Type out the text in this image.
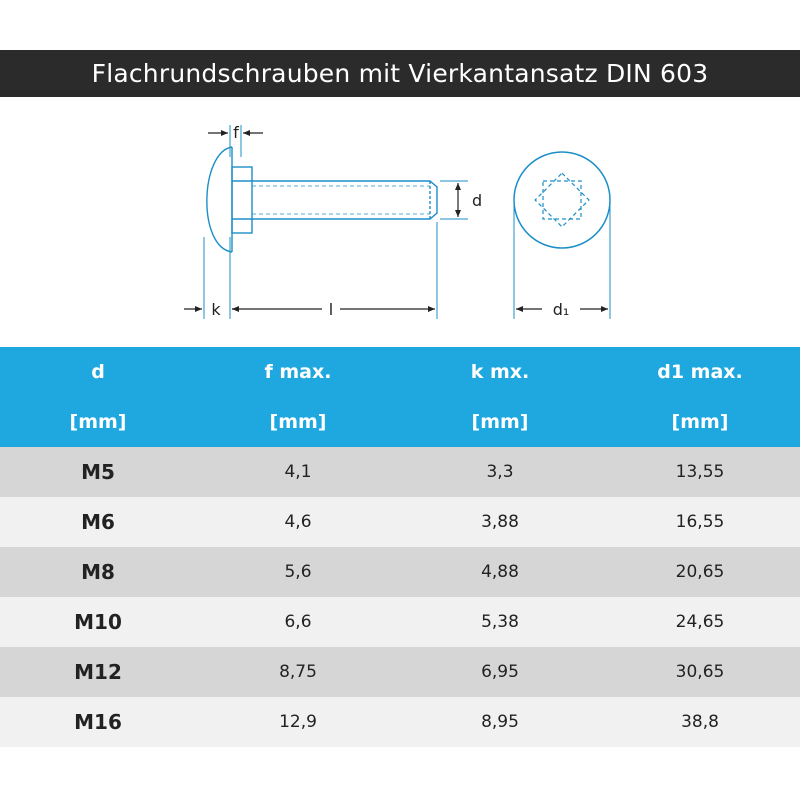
Flachrundschrauben mit Vierkantansatz DIN 603
f
d
k	l	d₁
d	f max.	k mx.	d1 max.
[mm]	[mm]	[mm]	[mm]
M5	4,1	3,3	13,55
M6	4,6	3,88	16,55
M8	5,6	4,88	20,65
M10	6,6	5,38	24,65
M12	8,75	6,95	30,65
M16	12,9	8,95	38,8
